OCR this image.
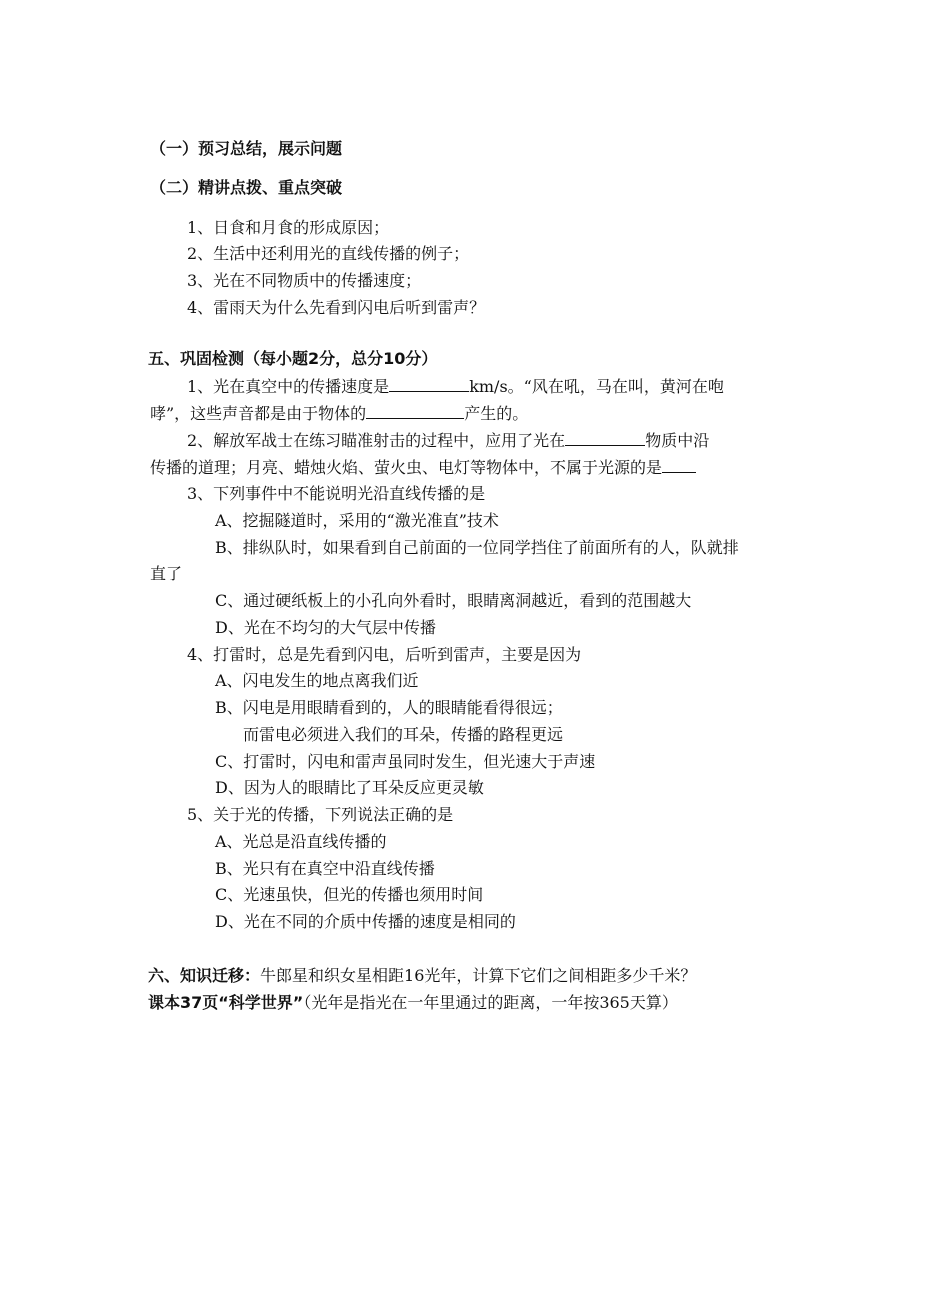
（一）预习总结，展示问题
（二）精讲点拨、重点突破
1、日食和月食的形成原因；
2、生活中还利用光的直线传播的例子；
3、光在不同物质中的传播速度；
4、雷雨天为什么先看到闪电后听到雷声？
五、巩固检测（每小题2分，总分10分）
1、光在真空中的传播速度是	km/s。“风在吼，马在叫，黄河在咆
哮”，这些声音都是由于物体的	产生的。
2、解放军战士在练习瞄准射击的过程中，应用了光在	物质中沿
传播的道理；月亮、蜡烛火焰、萤火虫、电灯等物体中，不属于光源的是
3、下列事件中不能说明光沿直线传播的是
A、挖掘隧道时，采用的“激光准直”技术
B、排纵队时，如果看到自己前面的一位同学挡住了前面所有的人，队就排
直了
C、通过硬纸板上的小孔向外看时，眼睛离洞越近，看到的范围越大
D、光在不均匀的大气层中传播
4、打雷时，总是先看到闪电，后听到雷声，主要是因为
A、闪电发生的地点离我们近
B、闪电是用眼睛看到的，人的眼睛能看得很远；
而雷电必须进入我们的耳朵，传播的路程更远
C、打雷时，闪电和雷声虽同时发生，但光速大于声速
D、因为人的眼睛比了耳朵反应更灵敏
5、关于光的传播，下列说法正确的是
A、光总是沿直线传播的
B、光只有在真空中沿直线传播
C、光速虽快，但光的传播也须用时间
D、光在不同的介质中传播的速度是相同的
六、知识迁移：牛郎星和织女星相距16光年，计算下它们之间相距多少千米？
课本37页“科学世界”（光年是指光在一年里通过的距离，一年按365天算）
